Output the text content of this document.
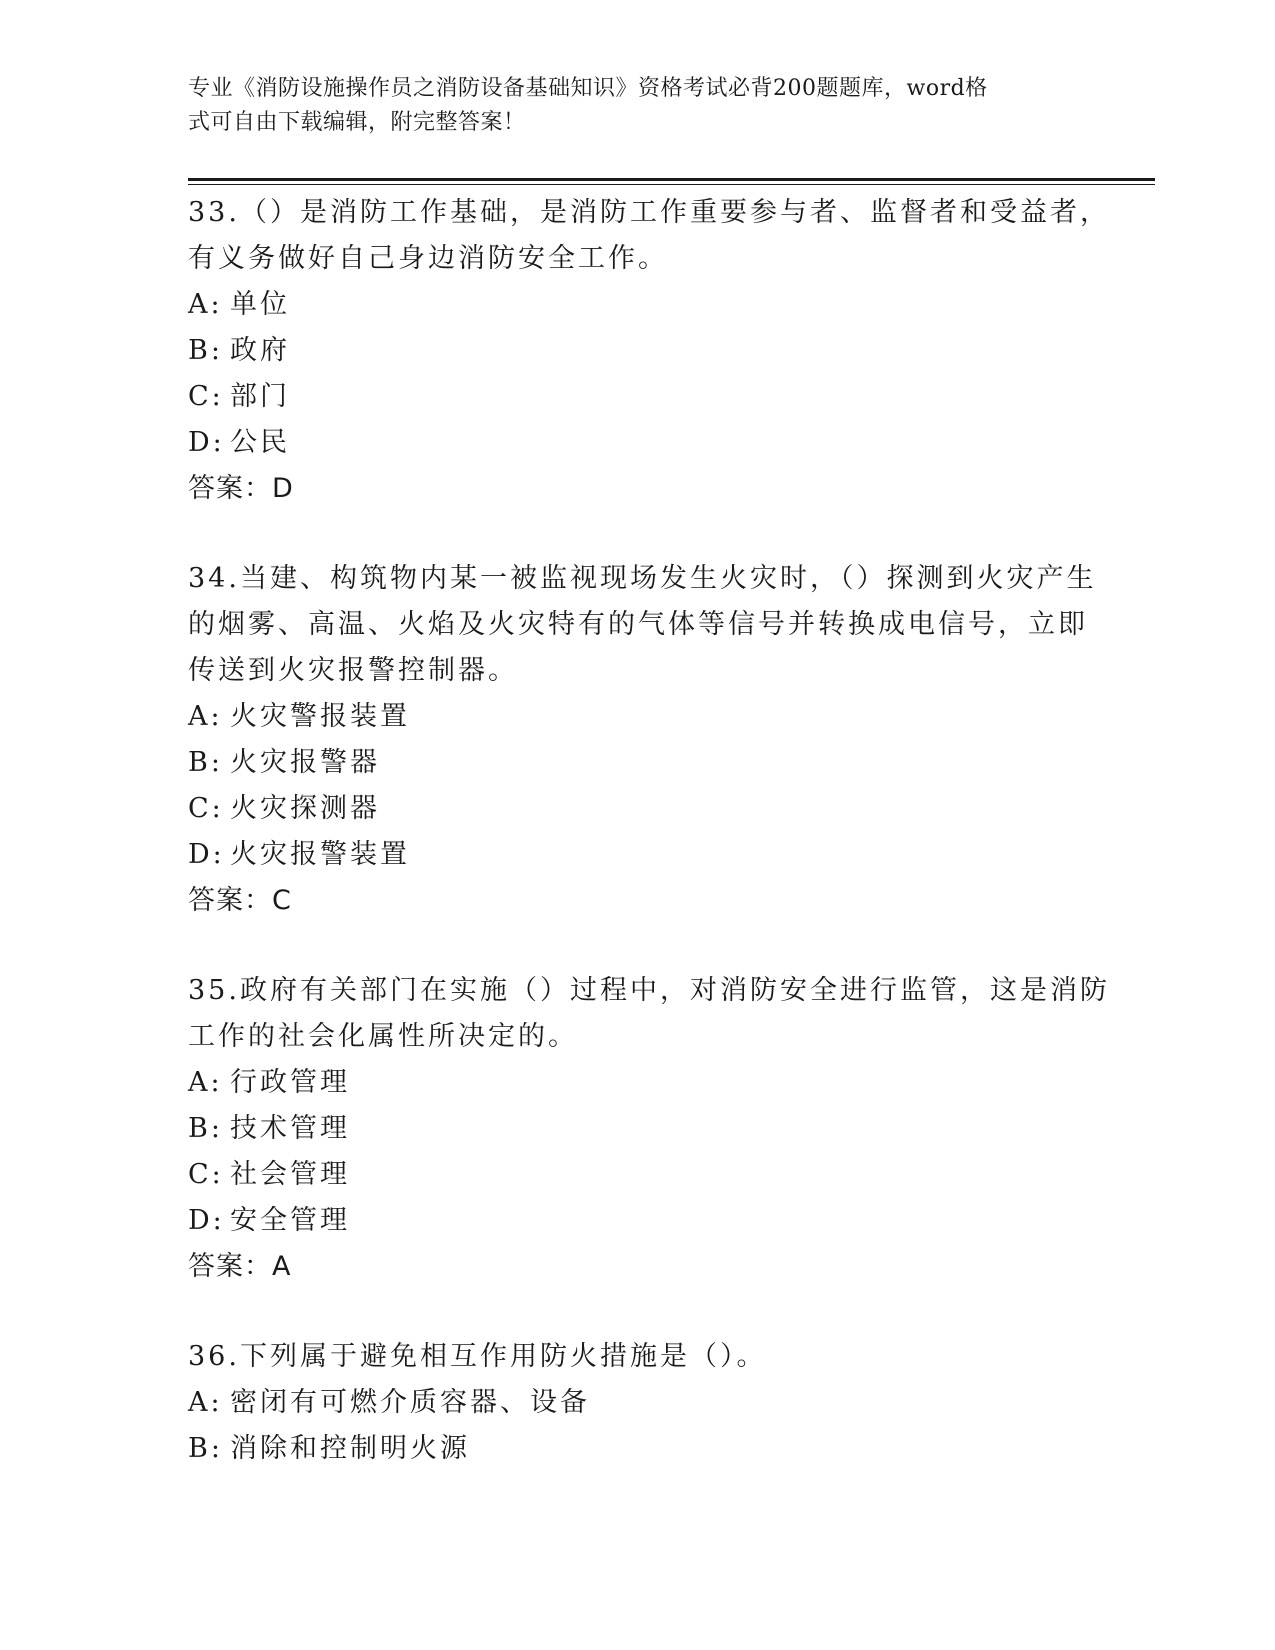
专业《消防设施操作员之消防设备基础知识》资格考试必背200题题库，word格
式可自由下载编辑，附完整答案！
33.（）是消防工作基础，是消防工作重要参与者、监督者和受益者，
有义务做好自己身边消防安全工作。
A: 单位
B: 政府
C: 部门
D: 公民
答案：D
34.当建、构筑物内某一被监视现场发生火灾时，（）探测到火灾产生
的烟雾、高温、火焰及火灾特有的气体等信号并转换成电信号，立即
传送到火灾报警控制器。
A: 火灾警报装置
B: 火灾报警器
C: 火灾探测器
D: 火灾报警装置
答案：C
35.政府有关部门在实施（）过程中，对消防安全进行监管，这是消防
工作的社会化属性所决定的。
A: 行政管理
B: 技术管理
C: 社会管理
D: 安全管理
答案：A
36.下列属于避免相互作用防火措施是（）。
A: 密闭有可燃介质容器、设备
B: 消除和控制明火源
